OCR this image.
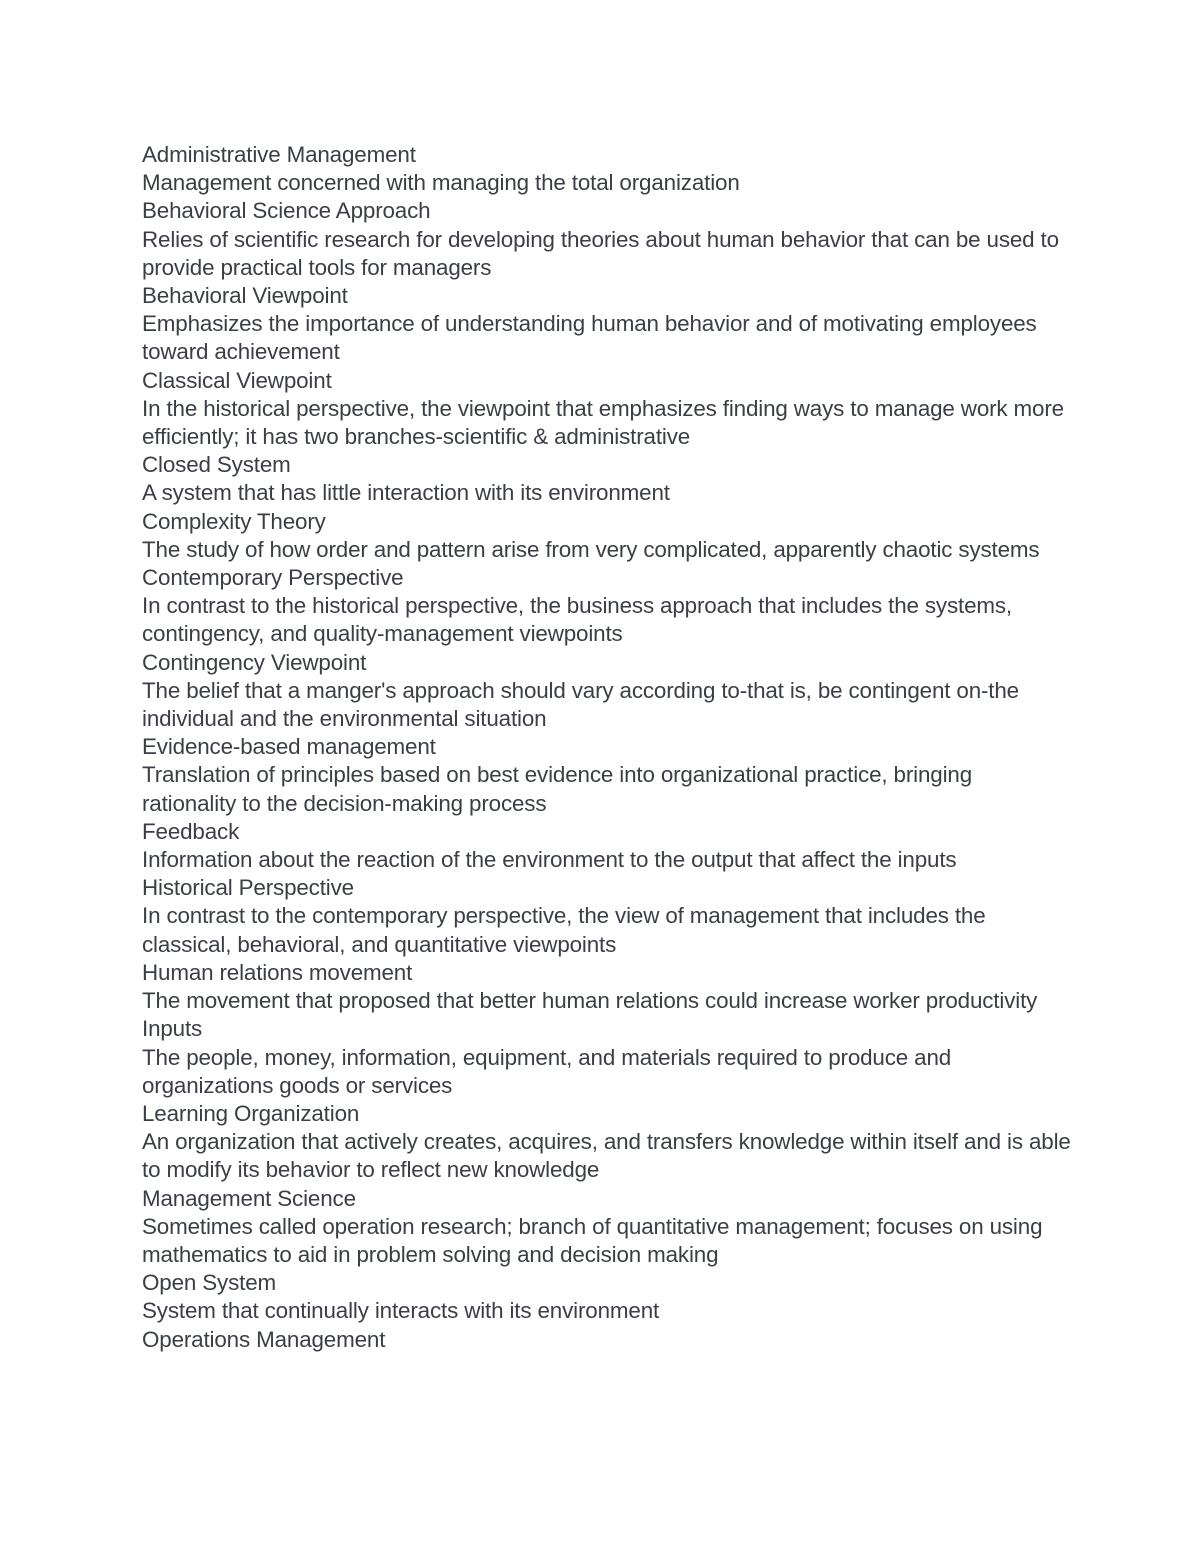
Administrative Management
Management concerned with managing the total organization
Behavioral Science Approach
Relies of scientific research for developing theories about human behavior that can be used to provide practical tools for managers
Behavioral Viewpoint
Emphasizes the importance of understanding human behavior and of motivating employees toward achievement
Classical Viewpoint
In the historical perspective, the viewpoint that emphasizes finding ways to manage work more efficiently; it has two branches-scientific & administrative
Closed System
A system that has little interaction with its environment
Complexity Theory
The study of how order and pattern arise from very complicated, apparently chaotic systems
Contemporary Perspective
In contrast to the historical perspective, the business approach that includes the systems, contingency, and quality-management viewpoints
Contingency Viewpoint
The belief that a manger's approach should vary according to-that is, be contingent on-the individual and the environmental situation
Evidence-based management
Translation of principles based on best evidence into organizational practice, bringing rationality to the decision-making process
Feedback
Information about the reaction of the environment to the output that affect the inputs
Historical Perspective
In contrast to the contemporary perspective, the view of management that includes the classical, behavioral, and quantitative viewpoints
Human relations movement
The movement that proposed that better human relations could increase worker productivity
Inputs
The people, money, information, equipment, and materials required to produce and organizations goods or services
Learning Organization
An organization that actively creates, acquires, and transfers knowledge within itself and is able to modify its behavior to reflect new knowledge
Management Science
Sometimes called operation research; branch of quantitative management; focuses on using mathematics to aid in problem solving and decision making
Open System
System that continually interacts with its environment
Operations Management
